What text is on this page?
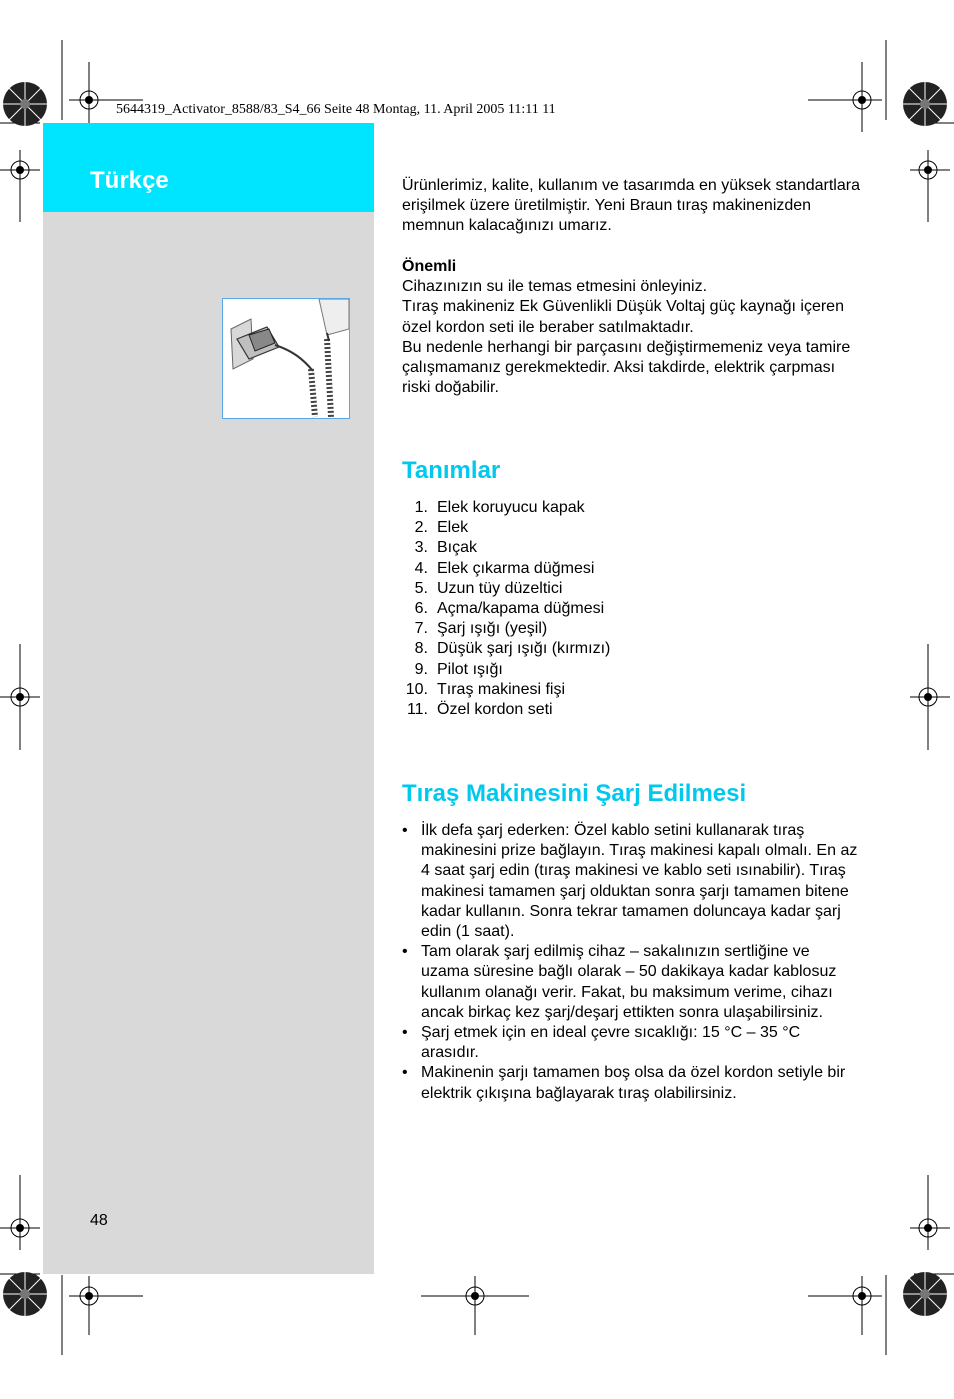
5644319_Activator_8588/83_S4_66 Seite 48 Montag, 11. April 2005 11:11 11
Türkçe
48

Ürünlerimiz, kalite, kullanım ve tasarımda en yüksek standartlara erişilmek üzere üretilmiştir. Yeni Braun tıraş makinenizden memnun kalacağınızı umarız.

Önemli

Cihazınızın su ile temas etmesini önleyiniz.

Tıraş makineniz Ek Güvenlikli Düşük Voltaj güç kaynağı içeren özel kordon seti ile beraber satılmaktadır.

Bu nedenle herhangi bir parçasını değiştirmemeniz veya tamire çalışmamanız gerekmektedir. Aksi takdirde, elektrik çarpması riski doğabilir.

Tanımlar
1. Elek koruyucu kapak
2. Elek
3. Bıçak
4. Elek çıkarma düğmesi
5. Uzun tüy düzeltici
6. Açma/kapama düğmesi
7. Şarj ışığı (yeşil)
8. Düşük şarj ışığı (kırmızı)
9. Pilot ışığı
10. Tıraş makinesi fişi
11. Özel kordon seti
Tıraş Makinesini Şarj Edilmesi
• İlk defa şarj ederken: Özel kablo setini kullanarak tıraş makinesini prize bağlayın. Tıraş makinesi kapalı olmalı. En az 4 saat şarj edin (tıraş makinesi ve kablo seti ısınabilir). Tıraş makinesi tamamen şarj olduktan sonra şarjı tamamen bitene kadar kullanın. Sonra tekrar tamamen doluncaya kadar şarj edin (1 saat).
• Tam olarak şarj edilmiş cihaz – sakalınızın sertliğine ve uzama süresine bağlı olarak – 50 dakikaya kadar kablosuz kullanım olanağı verir. Fakat, bu maksimum verime, cihazı ancak birkaç kez şarj/deşarj ettikten sonra ulaşabilirsiniz.
• Şarj etmek için en ideal çevre sıcaklığı: 15 °C – 35 °C arasıdır.
• Makinenin şarjı tamamen boş olsa da özel kordon setiyle bir elektrik çıkışına bağlayarak tıraş olabilirsiniz.
